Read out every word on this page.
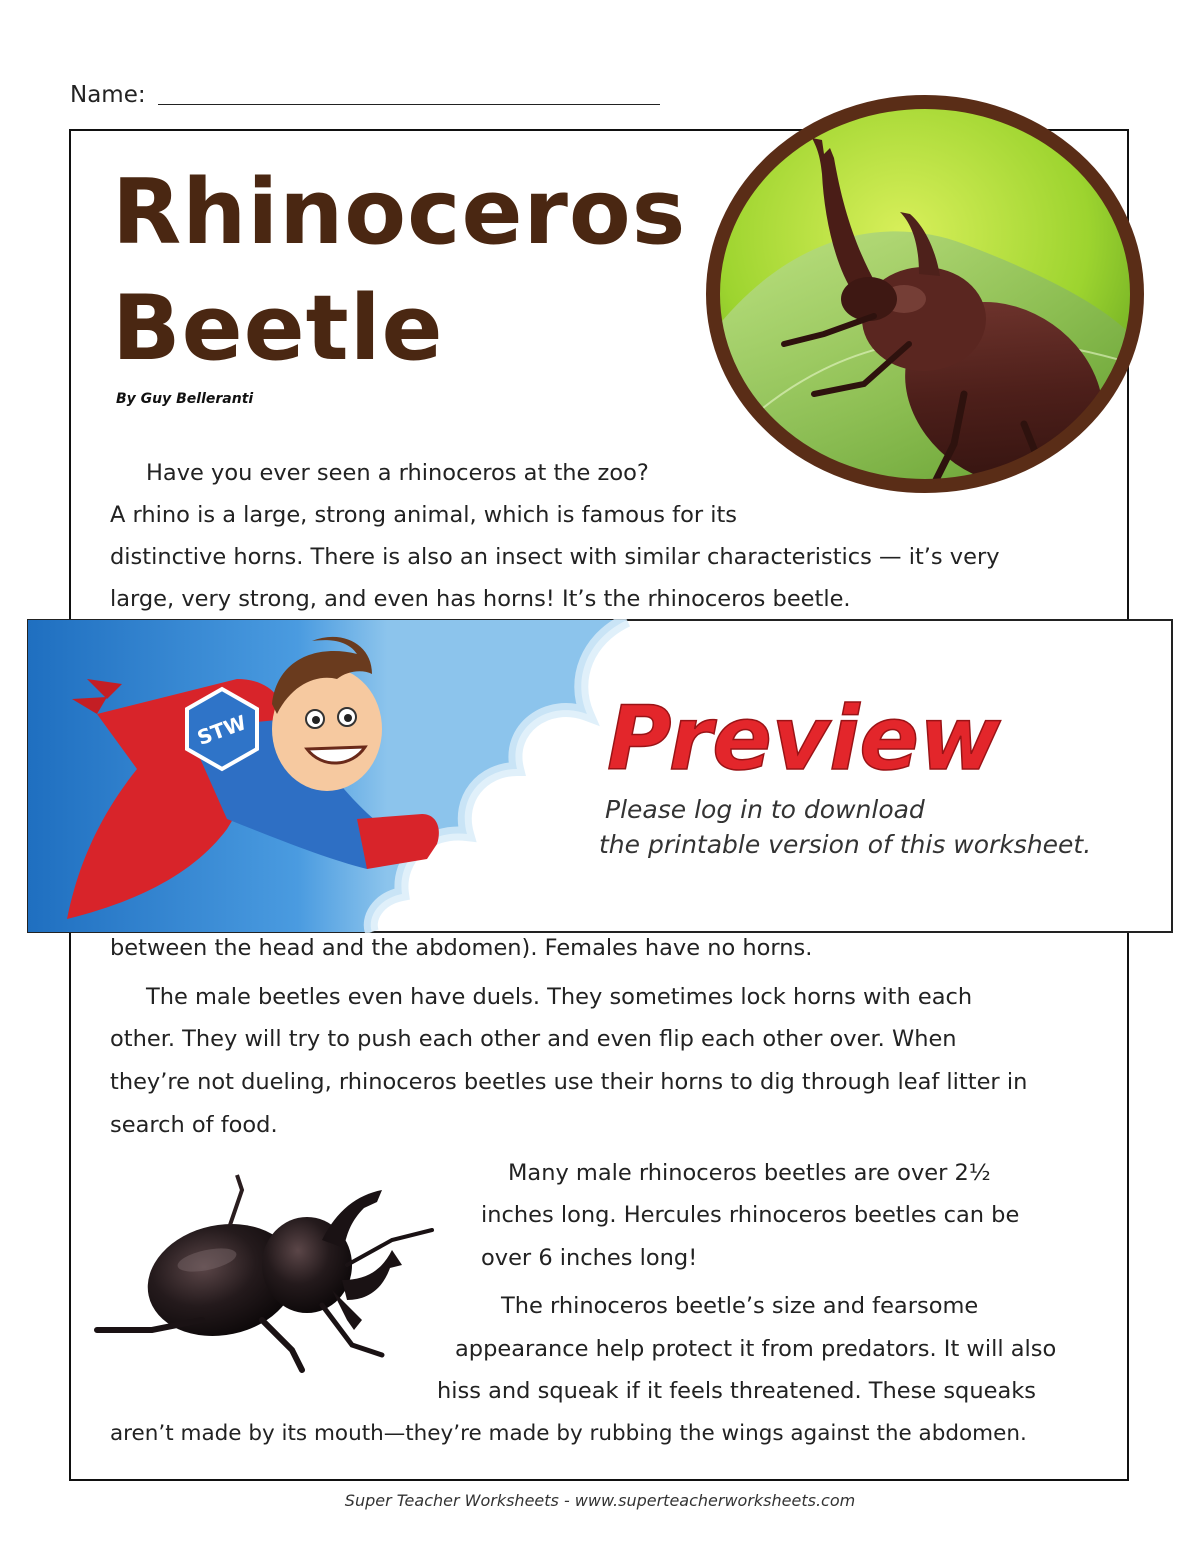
Name:
Rhinoceros
Beetle
By Guy Belleranti
Have you ever seen a rhinoceros at the zoo?
A rhino is a large, strong animal, which is famous for its
distinctive horns. There is also an insect with similar characteristics — it’s very
large, very strong, and even has horns! It’s the rhinoceros beetle.
STW	Preview
Please log in to download
the printable version of this worksheet.
between the head and the abdomen). Females have no horns.
The male beetles even have duels. They sometimes lock horns with each
other. They will try to push each other and even flip each other over. When
they’re not dueling, rhinoceros beetles use their horns to dig through leaf litter in
search of food.
Many male rhinoceros beetles are over 2½
inches long. Hercules rhinoceros beetles can be
over 6 inches long!
The rhinoceros beetle’s size and fearsome
appearance help protect it from predators. It will also
hiss and squeak if it feels threatened. These squeaks
aren’t made by its mouth—they’re made by rubbing the wings against the abdomen.
Super Teacher Worksheets - www.superteacherworksheets.com
